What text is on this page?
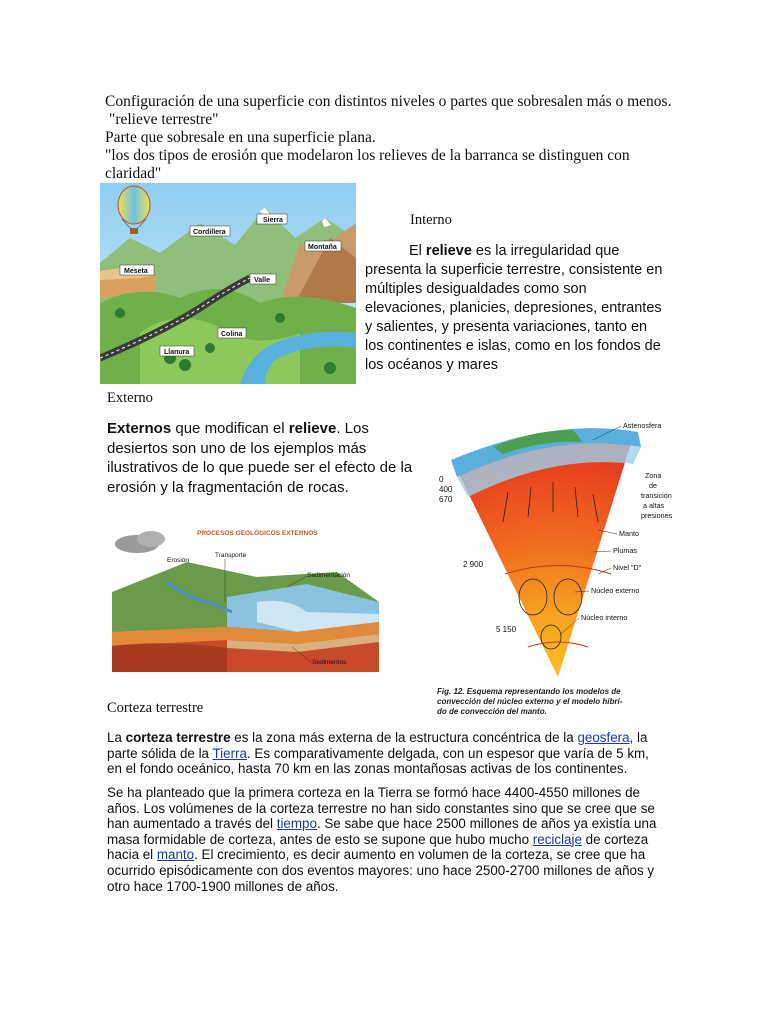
Configuración de una superficie con distintos niveles o partes que sobresalen más o menos.

"relieve terrestre"

Parte que sobresale en una superficie plana.

"los dos tipos de erosión que modelaron los relieves de la barranca se distinguen con claridad"

Sierra
Cordillera
Montaña
Meseta
Valle
Colina
Llanura
Interno
El relieve es la irregularidad que presenta la superficie terrestre, consistente en múltiples desigualdades como son elevaciones, planicies, depresiones, entrantes y salientes, y presenta variaciones, tanto en los continentes e islas, como en los fondos de los océanos y mares
Externo
Externos que modifican el relieve. Los desiertos son uno de los ejemplos más ilustrativos de lo que puede ser el efecto de la erosión y la fragmentación de rocas.
PROCESOS GEOLÓGICOS EXTERNOS
Erosión
Transporte
Sedimentación
Sedimentos
0
400
670
2 900
5 150
Astenosfera
Zona
de
transición
a altas
presiones
Manto
Plumas
Nivel "D"
Núcleo externo
Núcleo interno
Fig. 12. Esquema representando los modelos de
convección del núcleo externo y el modelo híbri-
do de convección del manto.
Corteza terrestre
La corteza terrestre es la zona más externa de la estructura concéntrica de la geosfera, la parte sólida de la Tierra. Es comparativamente delgada, con un espesor que varía de 5 km, en el fondo oceánico, hasta 70 km en las zonas montañosas activas de los continentes.
Se ha planteado que la primera corteza en la Tierra se formó hace 4400-4550 millones de años. Los volúmenes de la corteza terrestre no han sido constantes sino que se cree que se han aumentado a través del tiempo. Se sabe que hace 2500 millones de años ya existía una masa formidable de corteza, antes de esto se supone que hubo mucho reciclaje de corteza hacia el manto. El crecimiento, es decir aumento en volumen de la corteza, se cree que ha ocurrido episódicamente con dos eventos mayores: uno hace 2500-2700 millones de años y otro hace 1700-1900 millones de años.
